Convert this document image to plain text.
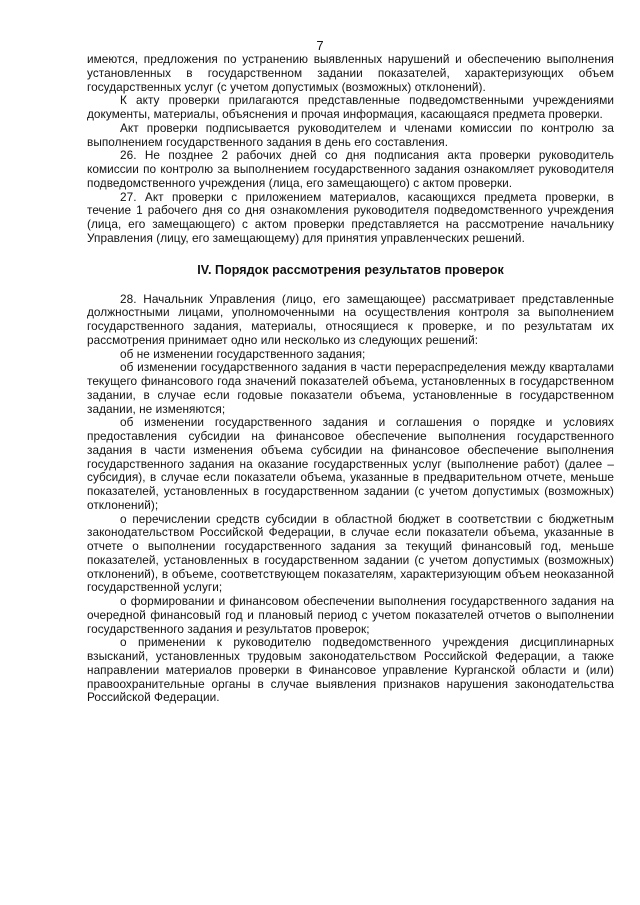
7

имеются, предложения по устранению выявленных нарушений и обеспечению выполнения установленных в государственном задании показателей, характеризующих объем государственных услуг (с учетом допустимых (возможных) отклонений).

К акту проверки прилагаются представленные подведомственными учреждениями документы, материалы, объяснения и прочая информация, касающаяся предмета проверки.

Акт проверки подписывается руководителем и членами комиссии по контролю за выполнением государственного задания в день его составления.

26. Не позднее 2 рабочих дней со дня подписания акта проверки руководитель комиссии по контролю за выполнением государственного задания ознакомляет руководителя подведомственного учреждения (лица, его замещающего) с актом проверки.

27. Акт проверки с приложением материалов, касающихся предмета проверки, в течение 1 рабочего дня со дня ознакомления руководителя подведомственного учреждения (лица, его замещающего) с актом проверки представляется на рассмотрение начальнику Управления (лицу, его замещающему) для принятия управленческих решений.

IV. Порядок рассмотрения результатов проверок

28. Начальник Управления (лицо, его замещающее) рассматривает представленные должностными лицами, уполномоченными на осуществления контроля за выполнением государственного задания, материалы, относящиеся к проверке, и по результатам их рассмотрения принимает одно или несколько из следующих решений:

об не изменении государственного задания;

об изменении государственного задания в части перераспределения между кварталами текущего финансового года значений показателей объема, установленных в государственном задании, в случае если годовые показатели объема, установленные в государственном задании, не изменяются;

об изменении государственного задания и соглашения о порядке и условиях предоставления субсидии на финансовое обеспечение выполнения государственного задания в части изменения объема субсидии на финансовое обеспечение выполнения государственного задания на оказание государственных услуг (выполнение работ) (далее – субсидия), в случае если показатели объема, указанные в предварительном отчете, меньше показателей, установленных в государственном задании (с учетом допустимых (возможных) отклонений);

о перечислении средств субсидии в областной бюджет в соответствии с бюджетным законодательством Российской Федерации, в случае если показатели объема, указанные в отчете о выполнении государственного задания за текущий финансовый год, меньше показателей, установленных в государственном задании (с учетом допустимых (возможных) отклонений), в объеме, соответствующем показателям, характеризующим объем неоказанной государственной услуги;

о формировании и финансовом обеспечении выполнения государственного задания на очередной финансовый год и плановый период с учетом показателей отчетов о выполнении государственного задания и результатов проверок;

о применении к руководителю подведомственного учреждения дисциплинарных взысканий, установленных трудовым законодательством Российской Федерации, а также направлении материалов проверки в Финансовое управление Курганской области и (или) правоохранительные органы в случае выявления признаков нарушения законодательства Российской Федерации.
